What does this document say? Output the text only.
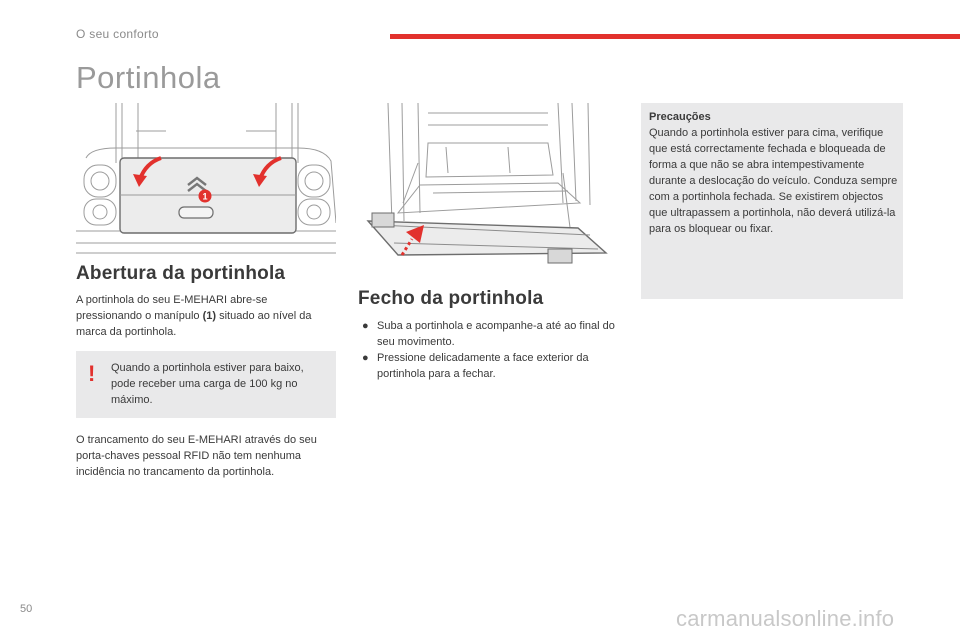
O seu conforto
Portinhola
1
Abertura da portinhola

A portinhola do seu E-MEHARI abre-se pressionando o manípulo (1) situado ao nível da marca da portinhola.

! Quando a portinhola estiver para baixo, pode receber uma carga de 100 kg no máximo.

O trancamento do seu E-MEHARI através do seu porta-chaves pessoal RFID não tem nenhuma incidência no trancamento da portinhola.

Fecho da portinhola
● Suba a portinhola e acompanhe-a até ao final do seu movimento.
● Pressione delicadamente a face exterior da portinhola para a fechar.
Precauções
Quando a portinhola estiver para cima, verifique que está correctamente fechada e bloqueada de forma a que não se abra intempestivamente durante a deslocação do veículo. Conduza sempre com a portinhola fechada. Se existirem objectos que ultrapassem a portinhola, não deverá utilizá-la para os bloquear ou fixar.
50	carmanualsonline.info
